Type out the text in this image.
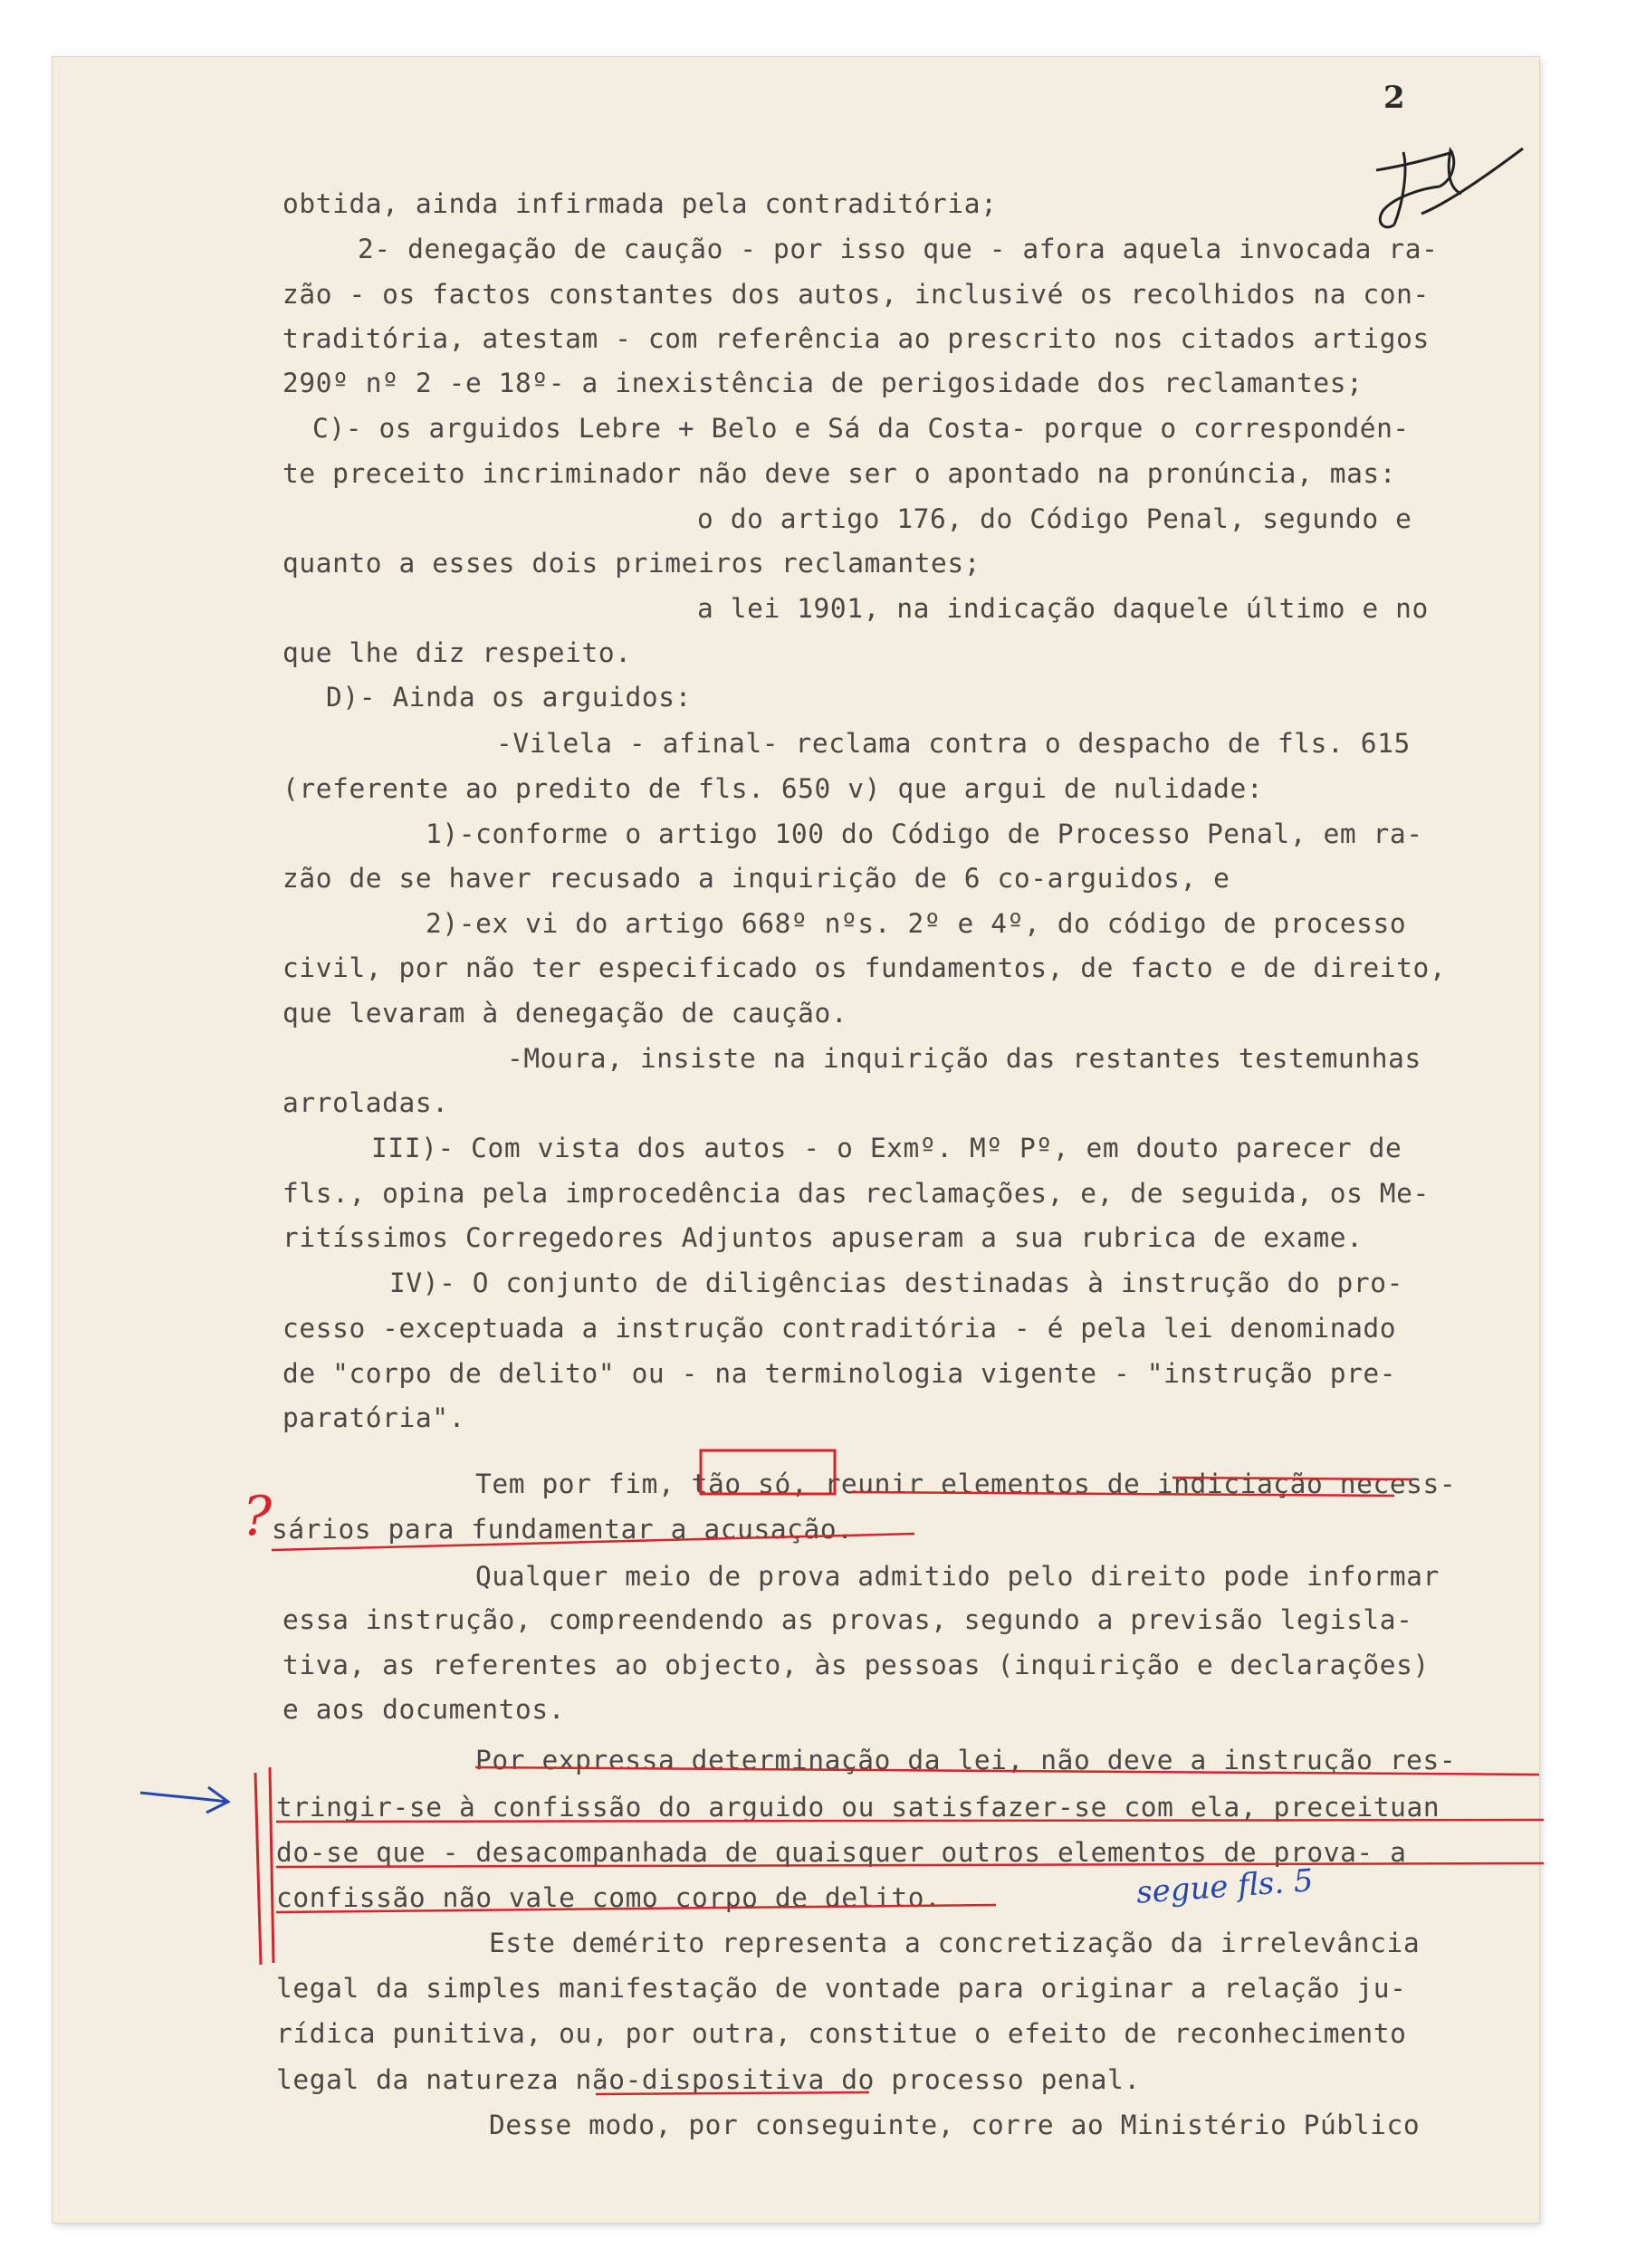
2
obtida, ainda infirmada pela contraditória;
2- denegação de caução - por isso que - afora aquela invocada ra-
zão - os factos constantes dos autos, inclusivé os recolhidos na con-
traditória, atestam - com referência ao prescrito nos citados artigos
290º nº 2 -e 18º- a inexistência de perigosidade dos reclamantes;
C)- os arguidos Lebre + Belo e Sá da Costa- porque o correspondén-
te preceito incriminador não deve ser o apontado na pronúncia, mas:
o do artigo 176, do Código Penal, segundo e
quanto a esses dois primeiros reclamantes;
a lei 1901, na indicação daquele último e no
que lhe diz respeito.
D)- Ainda os arguidos:
-Vilela - afinal- reclama contra o despacho de fls. 615
(referente ao predito de fls. 650 v) que argui de nulidade:
1)-conforme o artigo 100 do Código de Processo Penal, em ra-
zão de se haver recusado a inquirição de 6 co-arguidos, e
2)-ex vi do artigo 668º nºs. 2º e 4º, do código de processo
civil, por não ter especificado os fundamentos, de facto e de direito,
que levaram à denegação de caução.
-Moura, insiste na inquirição das restantes testemunhas
arroladas.
III)- Com vista dos autos - o Exmº. Mº Pº, em douto parecer de
fls., opina pela improcedência das reclamações, e, de seguida, os Me-
ritíssimos Corregedores Adjuntos apuseram a sua rubrica de exame.
IV)- O conjunto de diligências destinadas à instrução do pro-
cesso -exceptuada a instrução contraditória - é pela lei denominado
de "corpo de delito" ou - na terminologia vigente - "instrução pre-
paratória".
Tem por fim, tão só, reunir elementos de indiciação necess-
sários para fundamentar a acusação.
Qualquer meio de prova admitido pelo direito pode informar
essa instrução, compreendendo as provas, segundo a previsão legisla-
tiva, as referentes ao objecto, às pessoas (inquirição e declarações)
e aos documentos.
Por expressa determinação da lei, não deve a instrução res-
tringir-se à confissão do arguido ou satisfazer-se com ela, preceituan
do-se que - desacompanhada de quaisquer outros elementos de prova- a
confissão não vale como corpo de delito.
Este demérito representa a concretização da irrelevância
legal da simples manifestação de vontade para originar a relação ju-
rídica punitiva, ou, por outra, constitue o efeito de reconhecimento
legal da natureza não-dispositiva do processo penal.
Desse modo, por conseguinte, corre ao Ministério Público
?
segue fls. 5
